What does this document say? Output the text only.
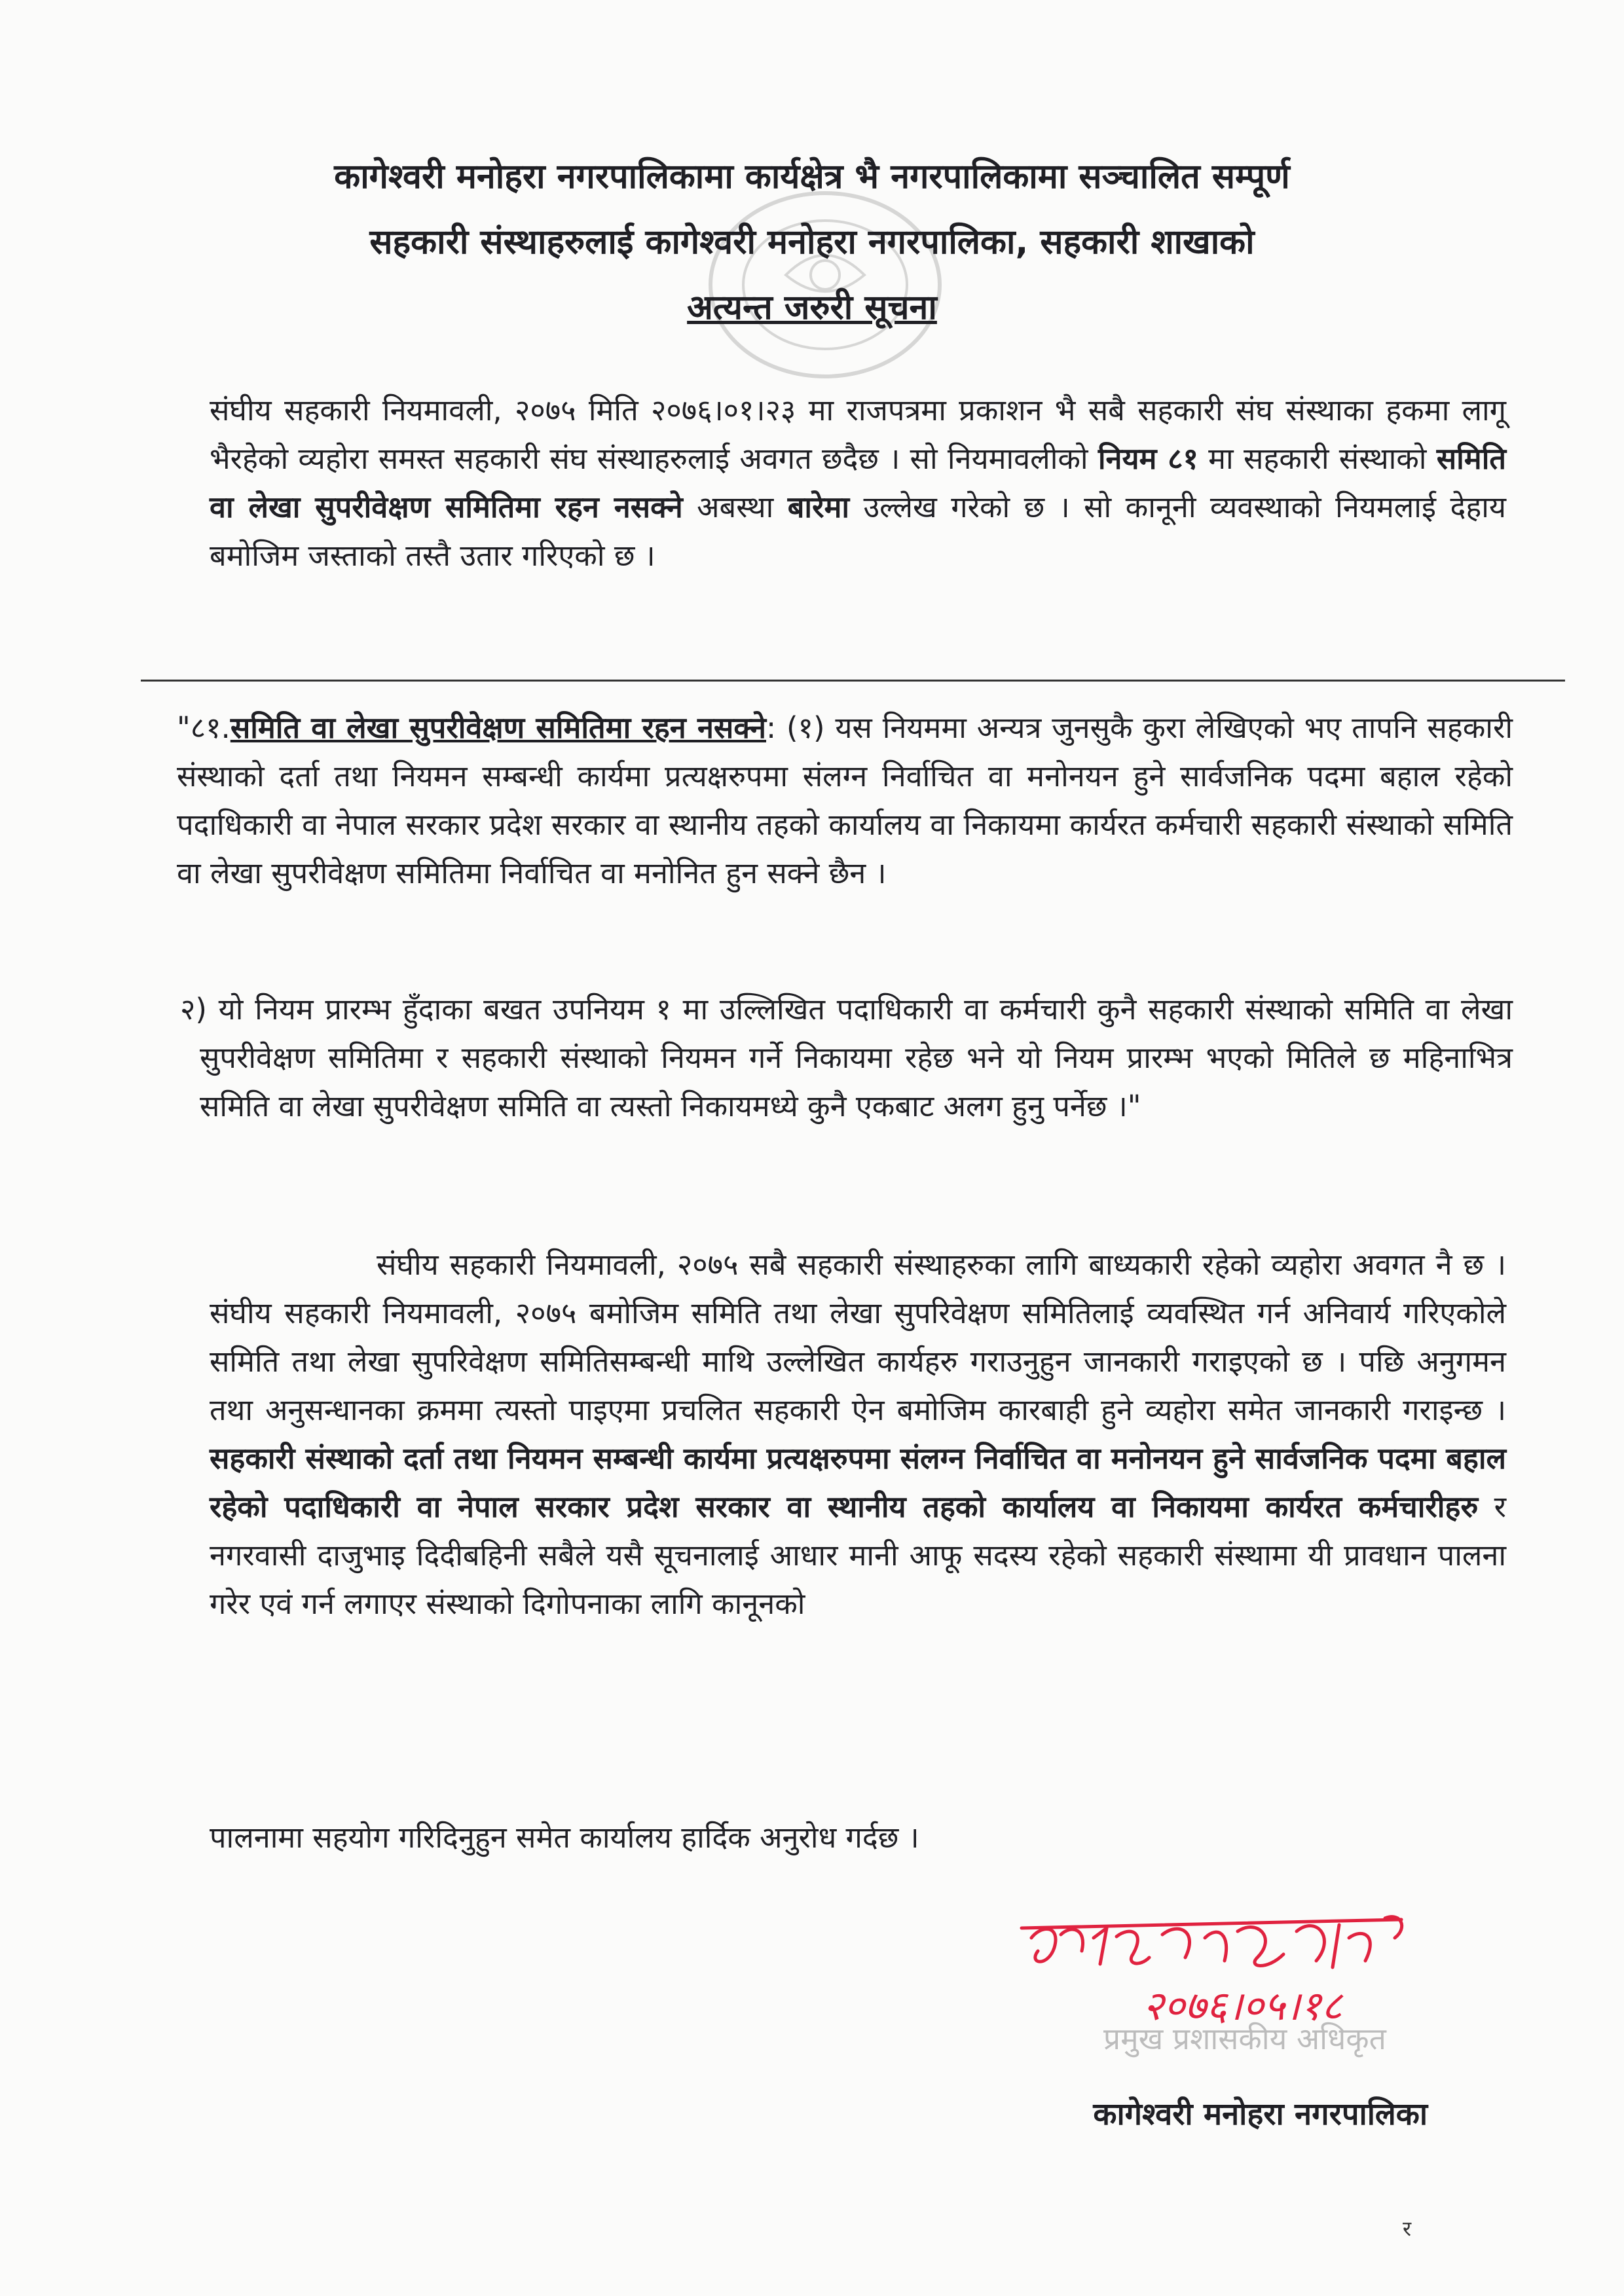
कागेश्वरी मनोहरा नगरपालिकामा कार्यक्षेत्र भै नगरपालिकामा सञ्चालित सम्पूर्ण

सहकारी संस्थाहरुलाई कागेश्वरी मनोहरा नगरपालिका, सहकारी शाखाको

अत्यन्त जरुरी सूचना

संघीय सहकारी नियमावली, २०७५ मिति २०७६।०१।२३ मा राजपत्रमा प्रकाशन भै सबै सहकारी संघ संस्थाका हकमा लागू भैरहेको व्यहोरा समस्त सहकारी संघ संस्थाहरुलाई अवगत छदैछ । सो नियमावलीको नियम ८१ मा सहकारी संस्थाको समिति वा लेखा सुपरीवेक्षण समितिमा रहन नसक्ने अबस्था बारेमा उल्लेख गरेको छ । सो कानूनी व्यवस्थाको नियमलाई देहाय बमोजिम जस्ताको तस्तै उतार गरिएको छ ।

"८१.समिति वा लेखा सुपरीवेक्षण समितिमा रहन नसक्ने: (१) यस नियममा अन्यत्र जुनसुकै कुरा लेखिएको भए तापनि सहकारी संस्थाको दर्ता तथा नियमन सम्बन्धी कार्यमा प्रत्यक्षरुपमा संलग्न निर्वाचित वा मनोनयन हुने सार्वजनिक पदमा बहाल रहेको पदाधिकारी वा नेपाल सरकार प्रदेश सरकार वा स्थानीय तहको कार्यालय वा निकायमा कार्यरत कर्मचारी सहकारी संस्थाको समिति वा लेखा सुपरीवेक्षण समितिमा निर्वाचित वा मनोनित हुन सक्ने छैन ।

२) यो नियम प्रारम्भ हुँदाका बखत उपनियम १ मा उल्लिखित पदाधिकारी वा कर्मचारी कुनै सहकारी संस्थाको समिति वा लेखा सुपरीवेक्षण समितिमा र सहकारी संस्थाको नियमन गर्ने निकायमा रहेछ भने यो नियम प्रारम्भ भएको मितिले छ महिनाभित्र समिति वा लेखा सुपरीवेक्षण समिति वा त्यस्तो निकायमध्ये कुनै एकबाट अलग हुनु पर्नेछ ।"

संघीय सहकारी नियमावली, २०७५ सबै सहकारी संस्थाहरुका लागि बाध्यकारी रहेको व्यहोरा अवगत नै छ । संघीय सहकारी नियमावली, २०७५ बमोजिम समिति तथा लेखा सुपरिवेक्षण समितिलाई व्यवस्थित गर्न अनिवार्य गरिएकोले समिति तथा लेखा सुपरिवेक्षण समितिसम्बन्धी माथि उल्लेखित कार्यहरु गराउनुहुन जानकारी गराइएको छ । पछि अनुगमन तथा अनुसन्धानका क्रममा त्यस्तो पाइएमा प्रचलित सहकारी ऐन बमोजिम कारबाही हुने व्यहोरा समेत जानकारी गराइन्छ । सहकारी संस्थाको दर्ता तथा नियमन सम्बन्धी कार्यमा प्रत्यक्षरुपमा संलग्न निर्वाचित वा मनोनयन हुने सार्वजनिक पदमा बहाल रहेको पदाधिकारी वा नेपाल सरकार प्रदेश सरकार वा स्थानीय तहको कार्यालय वा निकायमा कार्यरत कर्मचारीहरु र नगरवासी दाजुभाइ दिदीबहिनी सबैले यसै सूचनालाई आधार मानी आफू सदस्य रहेको सहकारी संस्थामा यी प्रावधान पालना गरेर एवं गर्न लगाएर संस्थाको दिगोपनाका लागि कानूनको

पालनामा सहयोग गरिदिनुहुन समेत कार्यालय हार्दिक अनुरोध गर्दछ ।

२०७६।०५।१८
प्रमुख प्रशासकीय अधिकृत

कागेश्वरी मनोहरा नगरपालिका

र
